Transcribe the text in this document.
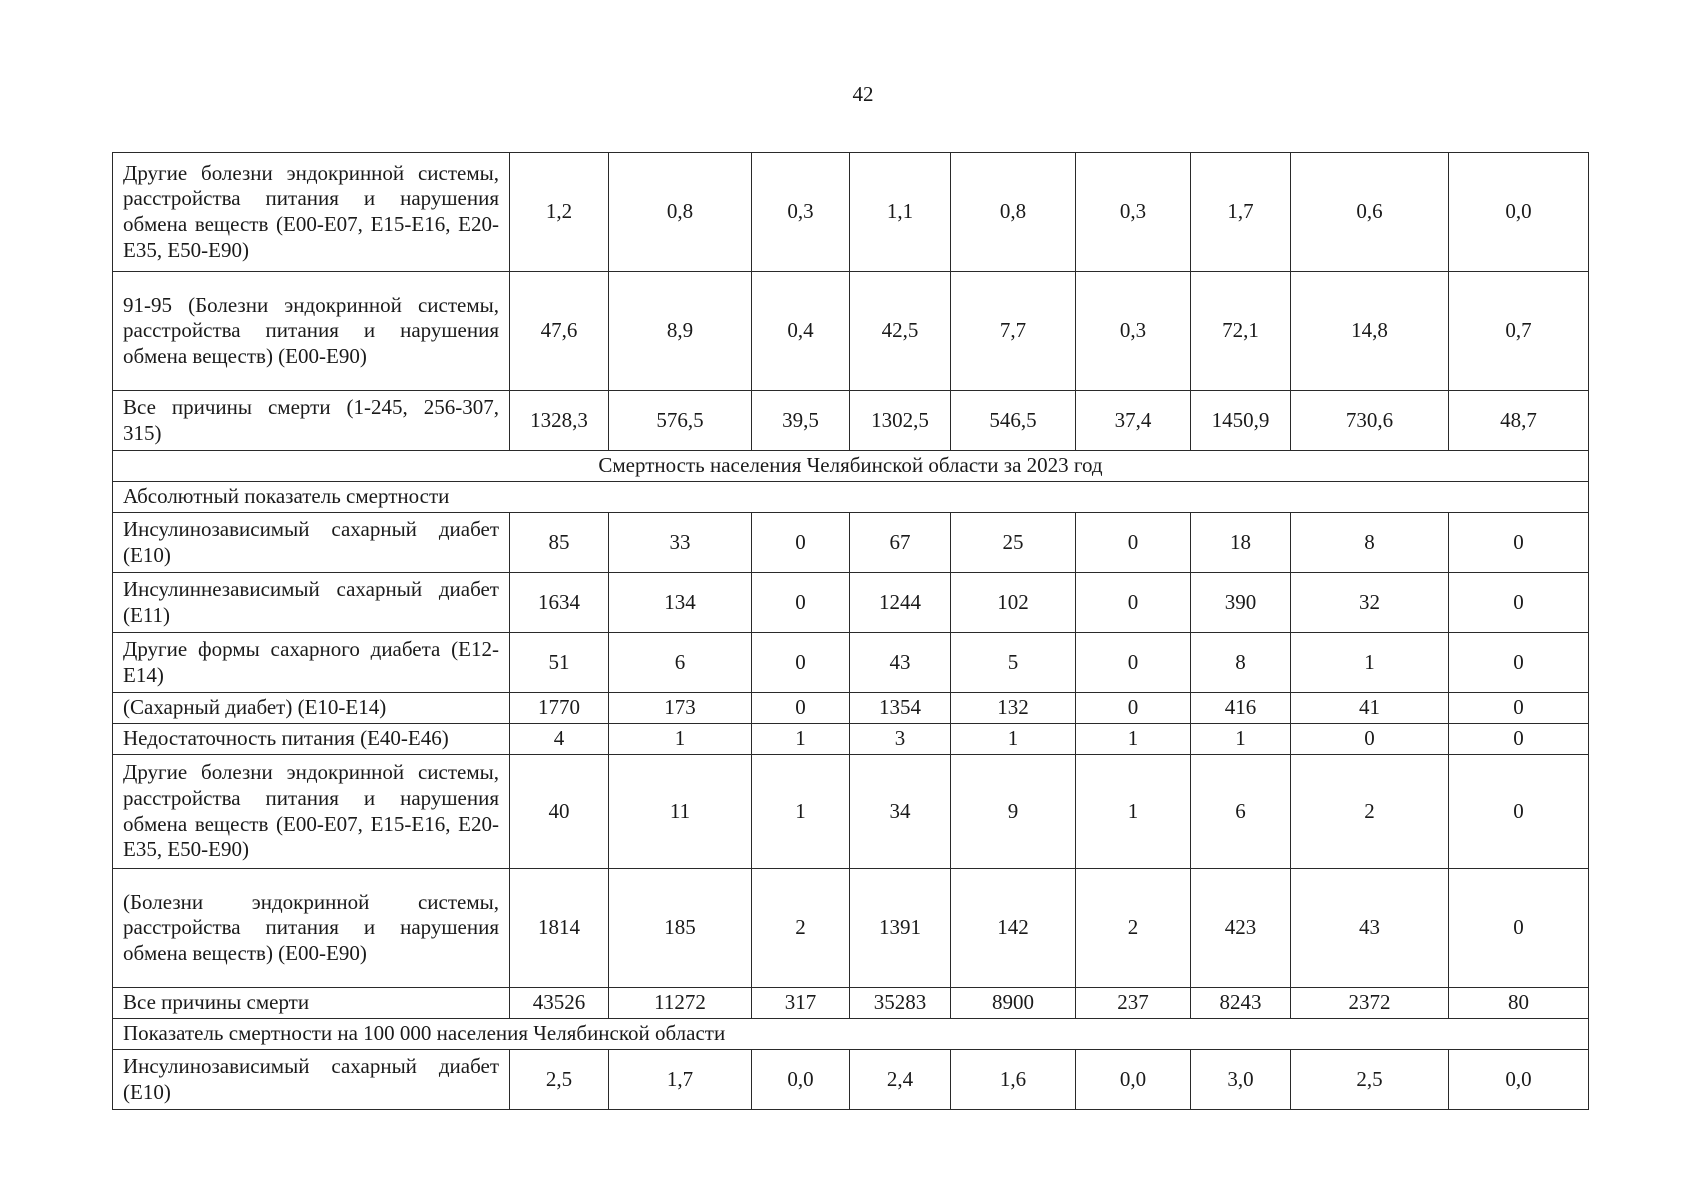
42
Другие болезни эндокринной системы, расстройства питания и нарушения обмена веществ (E00-E07, E15-E16, E20-E35, E50-E90)	1,2	0,8	0,3	1,1	0,8	0,3	1,7	0,6	0,0
91-95 (Болезни эндокринной системы, расстройства питания и нарушения обмена веществ) (E00-E90)	47,6	8,9	0,4	42,5	7,7	0,3	72,1	14,8	0,7
Все причины смерти (1-245, 256-307, 315)	1328,3	576,5	39,5	1302,5	546,5	37,4	1450,9	730,6	48,7
Смертность населения Челябинской области за 2023 год									
Абсолютный показатель смертности									
Инсулинозависимый сахарный диабет (E10)	85	33	0	67	25	0	18	8	0
Инсулиннезависимый сахарный диабет (E11)	1634	134	0	1244	102	0	390	32	0
Другие формы сахарного диабета (E12-E14)	51	6	0	43	5	0	8	1	0
(Сахарный диабет) (E10-E14)	1770	173	0	1354	132	0	416	41	0
Недостаточность питания (E40-E46)	4	1	1	3	1	1	1	0	0
Другие болезни эндокринной системы, расстройства питания и нарушения обмена веществ (E00-E07, E15-E16, E20-E35, E50-E90)	40	11	1	34	9	1	6	2	0
(Болезни эндокринной системы, расстройства питания и нарушения обмена веществ) (E00-E90)	1814	185	2	1391	142	2	423	43	0
Все причины смерти	43526	11272	317	35283	8900	237	8243	2372	80
Показатель смертности на 100 000 населения Челябинской области									
Инсулинозависимый сахарный диабет (E10)	2,5	1,7	0,0	2,4	1,6	0,0	3,0	2,5	0,0
